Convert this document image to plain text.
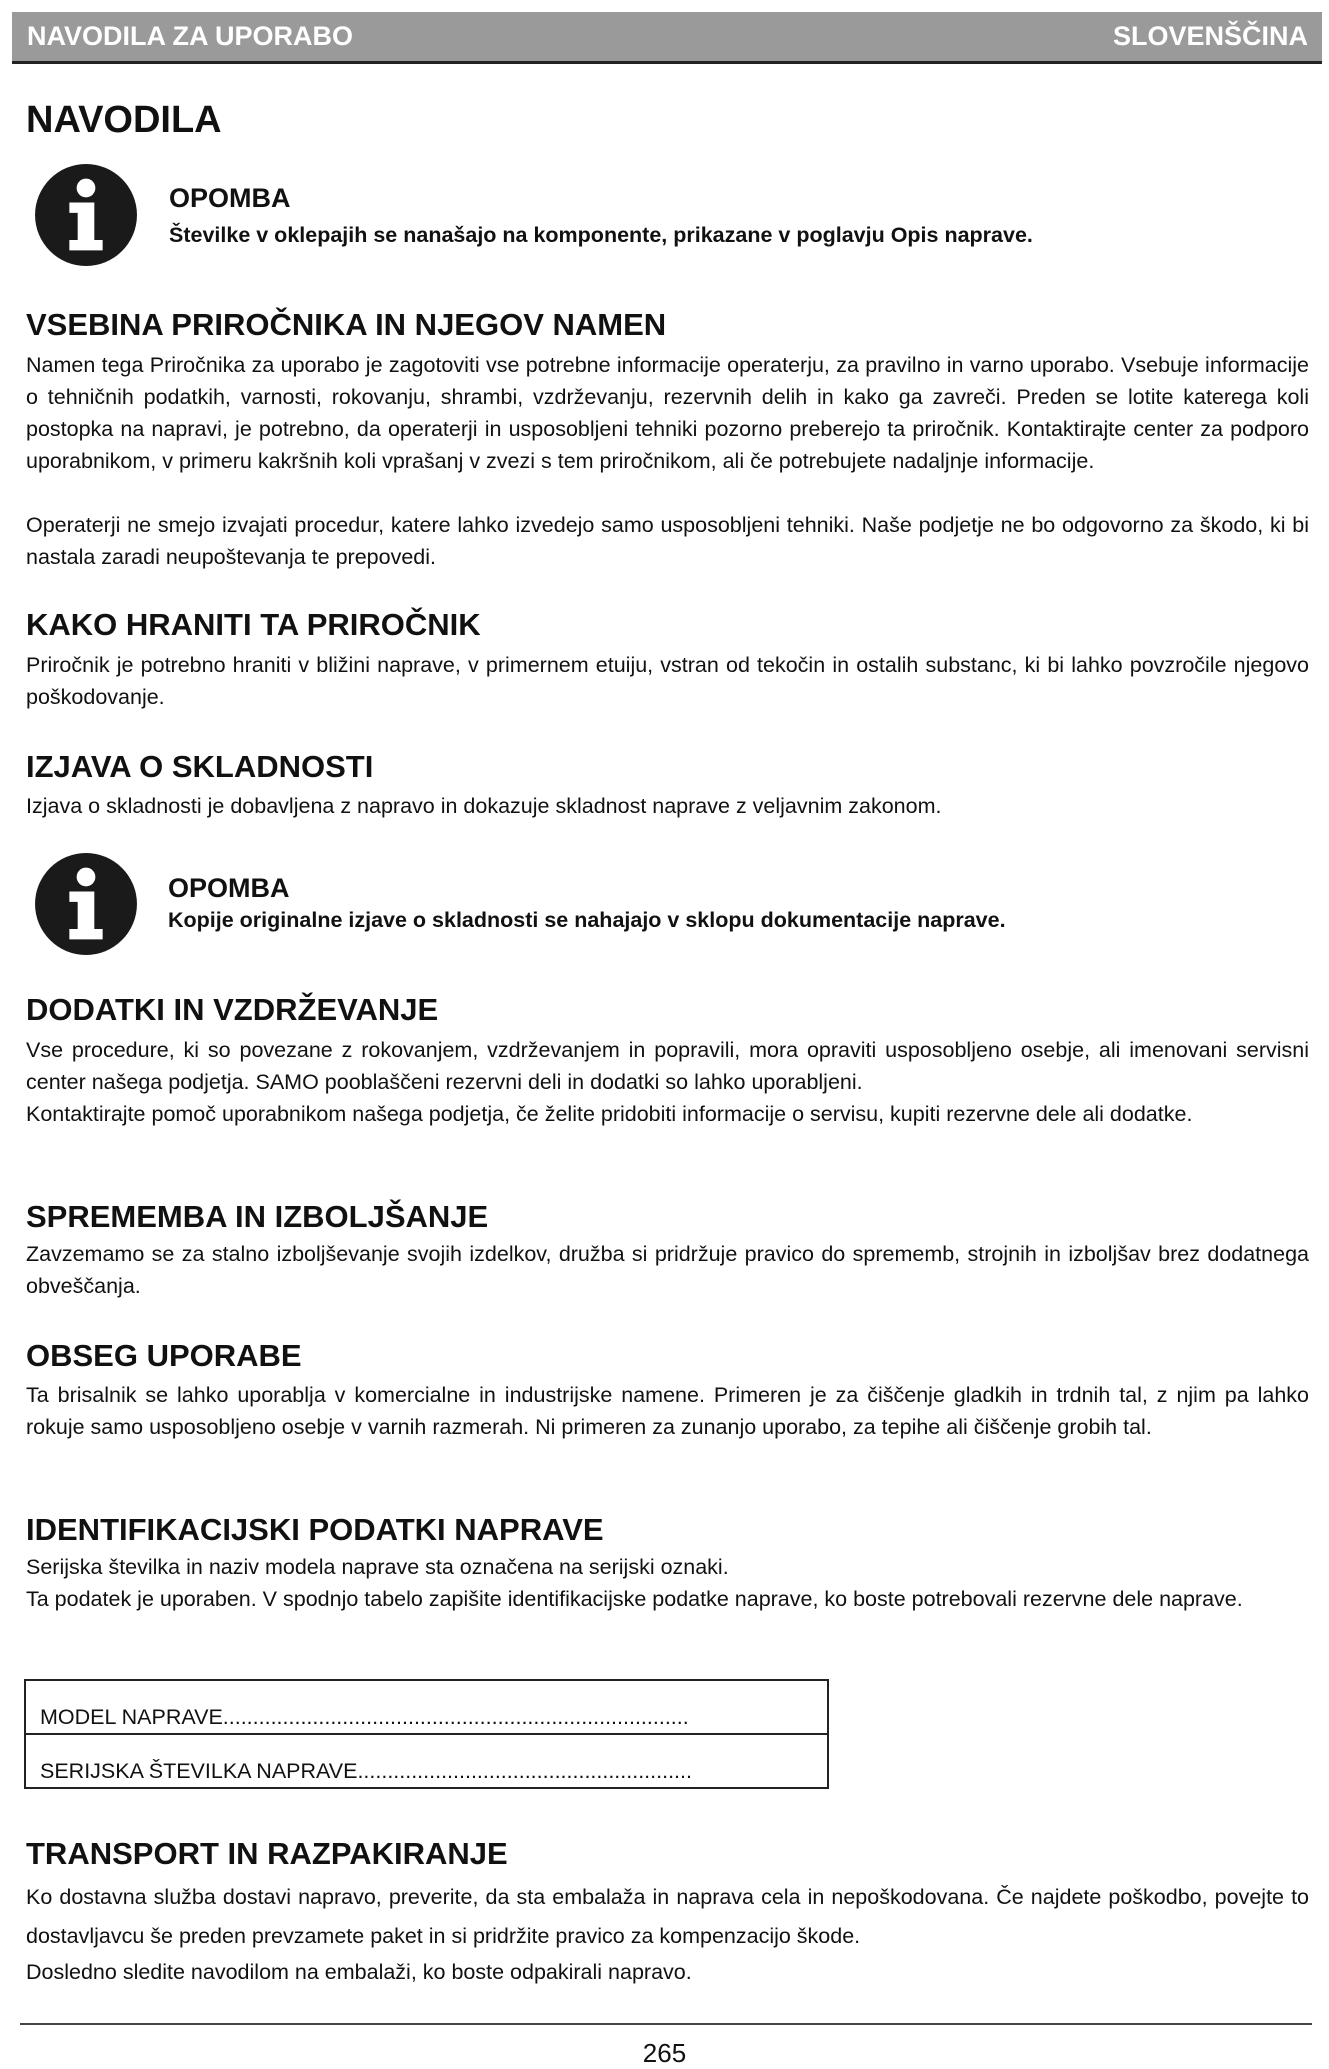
NAVODILA ZA UPORABO	SLOVENŠČINA
NAVODILA
OPOMBA
Številke v oklepajih se nanašajo na komponente, prikazane v poglavju Opis naprave.
VSEBINA PRIROČNIKA IN NJEGOV NAMEN

Namen tega Priročnika za uporabo je zagotoviti vse potrebne informacije operaterju, za pravilno in varno uporabo. Vsebuje informacije o tehničnih podatkih, varnosti, rokovanju, shrambi, vzdrževanju, rezervnih delih in kako ga zavreči. Preden se lotite katerega koli postopka na napravi, je potrebno, da operaterji in usposobljeni tehniki pozorno preberejo ta priročnik. Kontaktirajte center za podporo uporabnikom, v primeru kakršnih koli vprašanj v zvezi s tem priročnikom, ali če potrebujete nadaljnje informacije.

Operaterji ne smejo izvajati procedur, katere lahko izvedejo samo usposobljeni tehniki. Naše podjetje ne bo odgovorno za škodo, ki bi nastala zaradi neupoštevanja te prepovedi.

KAKO HRANITI TA PRIROČNIK

Priročnik je potrebno hraniti v bližini naprave, v primernem etuiju, vstran od tekočin in ostalih substanc, ki bi lahko povzročile njegovo poškodovanje.

IZJAVA O SKLADNOSTI

Izjava o skladnosti je dobavljena z napravo in dokazuje skladnost naprave z veljavnim zakonom.

OPOMBA
Kopije originalne izjave o skladnosti se nahajajo v sklopu dokumentacije naprave.
DODATKI IN VZDRŽEVANJE

Vse procedure, ki so povezane z rokovanjem, vzdrževanjem in popravili, mora opraviti usposobljeno osebje, ali imenovani servisni center našega podjetja. SAMO pooblaščeni rezervni deli in dodatki so lahko uporabljeni.

Kontaktirajte pomoč uporabnikom našega podjetja, če želite pridobiti informacije o servisu, kupiti rezervne dele ali dodatke.

SPREMEMBA IN IZBOLJŠANJE

Zavzemamo se za stalno izboljševanje svojih izdelkov, družba si pridržuje pravico do sprememb, strojnih in izboljšav brez dodatnega obveščanja.

OBSEG UPORABE

Ta brisalnik se lahko uporablja v komercialne in industrijske namene. Primeren je za čiščenje gladkih in trdnih tal, z njim pa lahko rokuje samo usposobljeno osebje v varnih razmerah. Ni primeren za zunanjo uporabo, za tepihe ali čiščenje grobih tal.

IDENTIFIKACIJSKI PODATKI NAPRAVE

Serijska številka in naziv modela naprave sta označena na serijski oznaki.

Ta podatek je uporaben. V spodnjo tabelo zapišite identifikacijske podatke naprave, ko boste potrebovali rezervne dele naprave.

MODEL NAPRAVE..............................................................................
SERIJSKA ŠTEVILKA NAPRAVE........................................................
TRANSPORT IN RAZPAKIRANJE

Ko dostavna služba dostavi napravo, preverite, da sta embalaža in naprava cela in nepoškodovana. Če najdete poškodbo, povejte to dostavljavcu še preden prevzamete paket in si pridržite pravico za kompenzacijo škode.

Dosledno sledite navodilom na embalaži, ko boste odpakirali napravo.

265
